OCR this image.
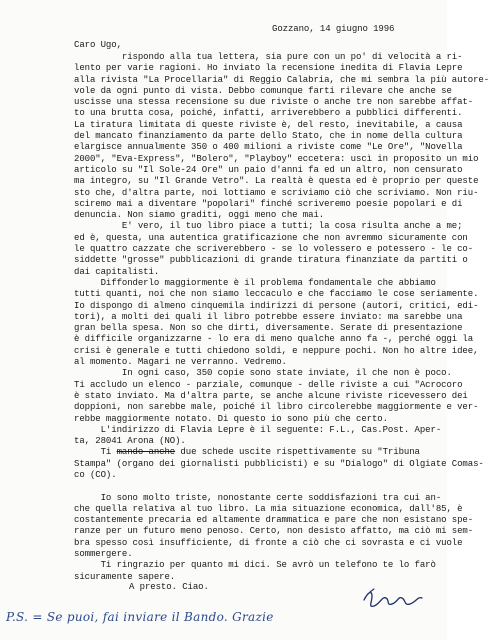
Gozzano, 14 giugno 1996
Caro Ugo,
rispondo alla tua lettera, sia pure con un po' di velocità a ri-
lento per varie ragioni. Ho inviato la recensione inedita di Flavia Lepre
alla rivista "La Procellaria" di Reggio Calabria, che mi sembra la più autore-
vole da ogni punto di vista. Debbo comunque farti rilevare che anche se
uscisse una stessa recensione su due riviste o anche tre non sarebbe affat-
to una brutta cosa, poiché, infatti, arriverebbero a pubblici differenti.
La tiratura limitata di queste riviste è, del resto, inevitabile, a causa
del mancato finanziamento da parte dello Stato, che in nome della cultura
elargisce annualmente 350 o 400 milioni a riviste come "Le Ore", "Novella
2000", "Eva-Express", "Bolero", "Playboy" eccetera: uscì in proposito un mio
articolo su "Il Sole-24 Ore" un paio d'anni fa ed un altro, non censurato
ma integro, su "Il Grande Vetro". La realtà è questa ed è proprio per queste
sto che, d'altra parte, noi lottiamo e scriviamo ciò che scriviamo. Non riu-
sciremo mai a diventare "popolari" finché scriveremo poesie popolari e di
denuncia. Non siamo graditi, oggi meno che mai.
E' vero, il tuo libro piace a tutti; la cosa risulta anche a me;
ed è, questa, una autentica gratificazione che non avremmo sicuramente con
le quattro cazzate che scriverebbero - se lo volessero e potessero - le co-
siddette "grosse" pubblicazioni di grande tiratura finanziate da partiti o
dai capitalisti.
Diffonderlo maggiormente è il problema fondamentale che abbiamo
tutti quanti, noi che non siamo leccaculo e che facciamo le cose seriamente.
Io dispongo di almeno cinquemila indirizzi di persone (autori, critici, edi-
tori), a molti dei quali il libro potrebbe essere inviato: ma sarebbe una
gran bella spesa. Non so che dirti, diversamente. Serate di presentazione
è difficile organizzarne - lo era di meno qualche anno fa -, perché oggi la
crisi è generale e tutti chiedono soldi, e neppure pochi. Non ho altre idee,
al momento. Magari ne verranno. Vedremo.
In ogni caso, 350 copie sono state inviate, il che non è poco.
Ti accludo un elenco - parziale, comunque - delle riviste a cui "Acrocoro
è stato inviato. Ma d'altra parte, se anche alcune riviste ricevessero dei
doppioni, non sarebbe male, poiché il libro circolerebbe maggiormente e ver-
rebbe maggiormente notato. Di questo io sono più che certo.
L'indirizzo di Flavia Lepre è il seguente: F.L., Cas.Post. Aper-
ta, 28041 Arona (NO).
Ti mando anche due schede uscite rispettivamente su "Tribuna
Stampa" (organo dei giornalisti pubblicisti) e su "Dialogo" di Olgiate Comas-
co (CO).
Io sono molto triste, nonostante certe soddisfazioni tra cui an-
che quella relativa al tuo libro. La mia situazione economica, dall'85, è
costantemente precaria ed altamente drammatica e pare che non esistano spe-
ranze per un futuro meno penoso. Certo, non desisto affatto, ma ciò mi sem-
bra spesso così insufficiente, di fronte a ciò che ci sovrasta e ci vuole
sommergere.
Ti ringrazio per quanto mi dici. Se avrò un telefono te lo farò
sicuramente sapere.
A presto. Ciao.
P.S. = Se puoi, fai inviare il Bando. Grazie
